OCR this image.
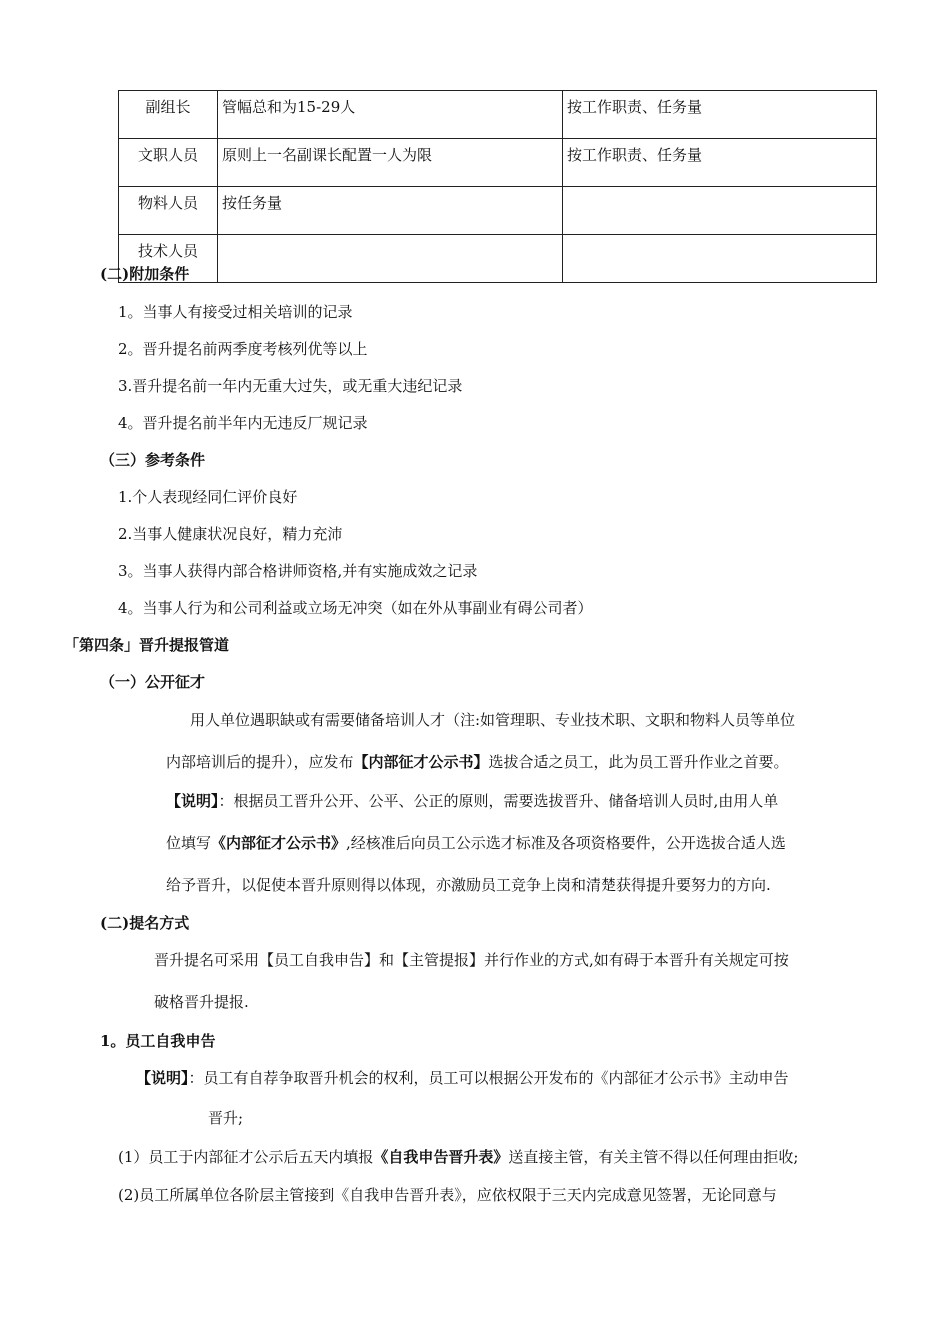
副组长	管幅总和为15-29人	按工作职责、任务量
文职人员	原则上一名副课长配置一人为限	按工作职责、任务量
物料人员	按任务量	
技术人员		
(二)附加条件
1。当事人有接受过相关培训的记录
2。晋升提名前两季度考核列优等以上
3.晋升提名前一年内无重大过失，或无重大违纪记录
4。晋升提名前半年内无违反厂规记录
（三）参考条件
1.个人表现经同仁评价良好
2.当事人健康状况良好，精力充沛
3。当事人获得内部合格讲师资格,并有实施成效之记录
4。当事人行为和公司利益或立场无冲突（如在外从事副业有碍公司者）
「第四条」晋升提报管道
（一）公开征才
用人单位遇职缺或有需要储备培训人才（注:如管理职、专业技术职、文职和物料人员等单位
内部培训后的提升），应发布【内部征才公示书】选拔合适之员工，此为员工晋升作业之首要。
【说明】：根据员工晋升公开、公平、公正的原则，需要选拔晋升、储备培训人员时,由用人单
位填写《内部征才公示书》,经核准后向员工公示选才标准及各项资格要件，公开选拔合适人选
给予晋升，以促使本晋升原则得以体现，亦激励员工竞争上岗和清楚获得提升要努力的方向.
(二)提名方式
晋升提名可采用【员工自我申告】和【主管提报】并行作业的方式,如有碍于本晋升有关规定可按
破格晋升提报.
1。员工自我申告
【说明】：员工有自荐争取晋升机会的权利，员工可以根据公开发布的《内部征才公示书》主动申告
晋升;
(1）员工于内部征才公示后五天内填报《自我申告晋升表》送直接主管，有关主管不得以任何理由拒收;
(2)员工所属单位各阶层主管接到《自我申告晋升表》，应依权限于三天内完成意见签署，无论同意与
